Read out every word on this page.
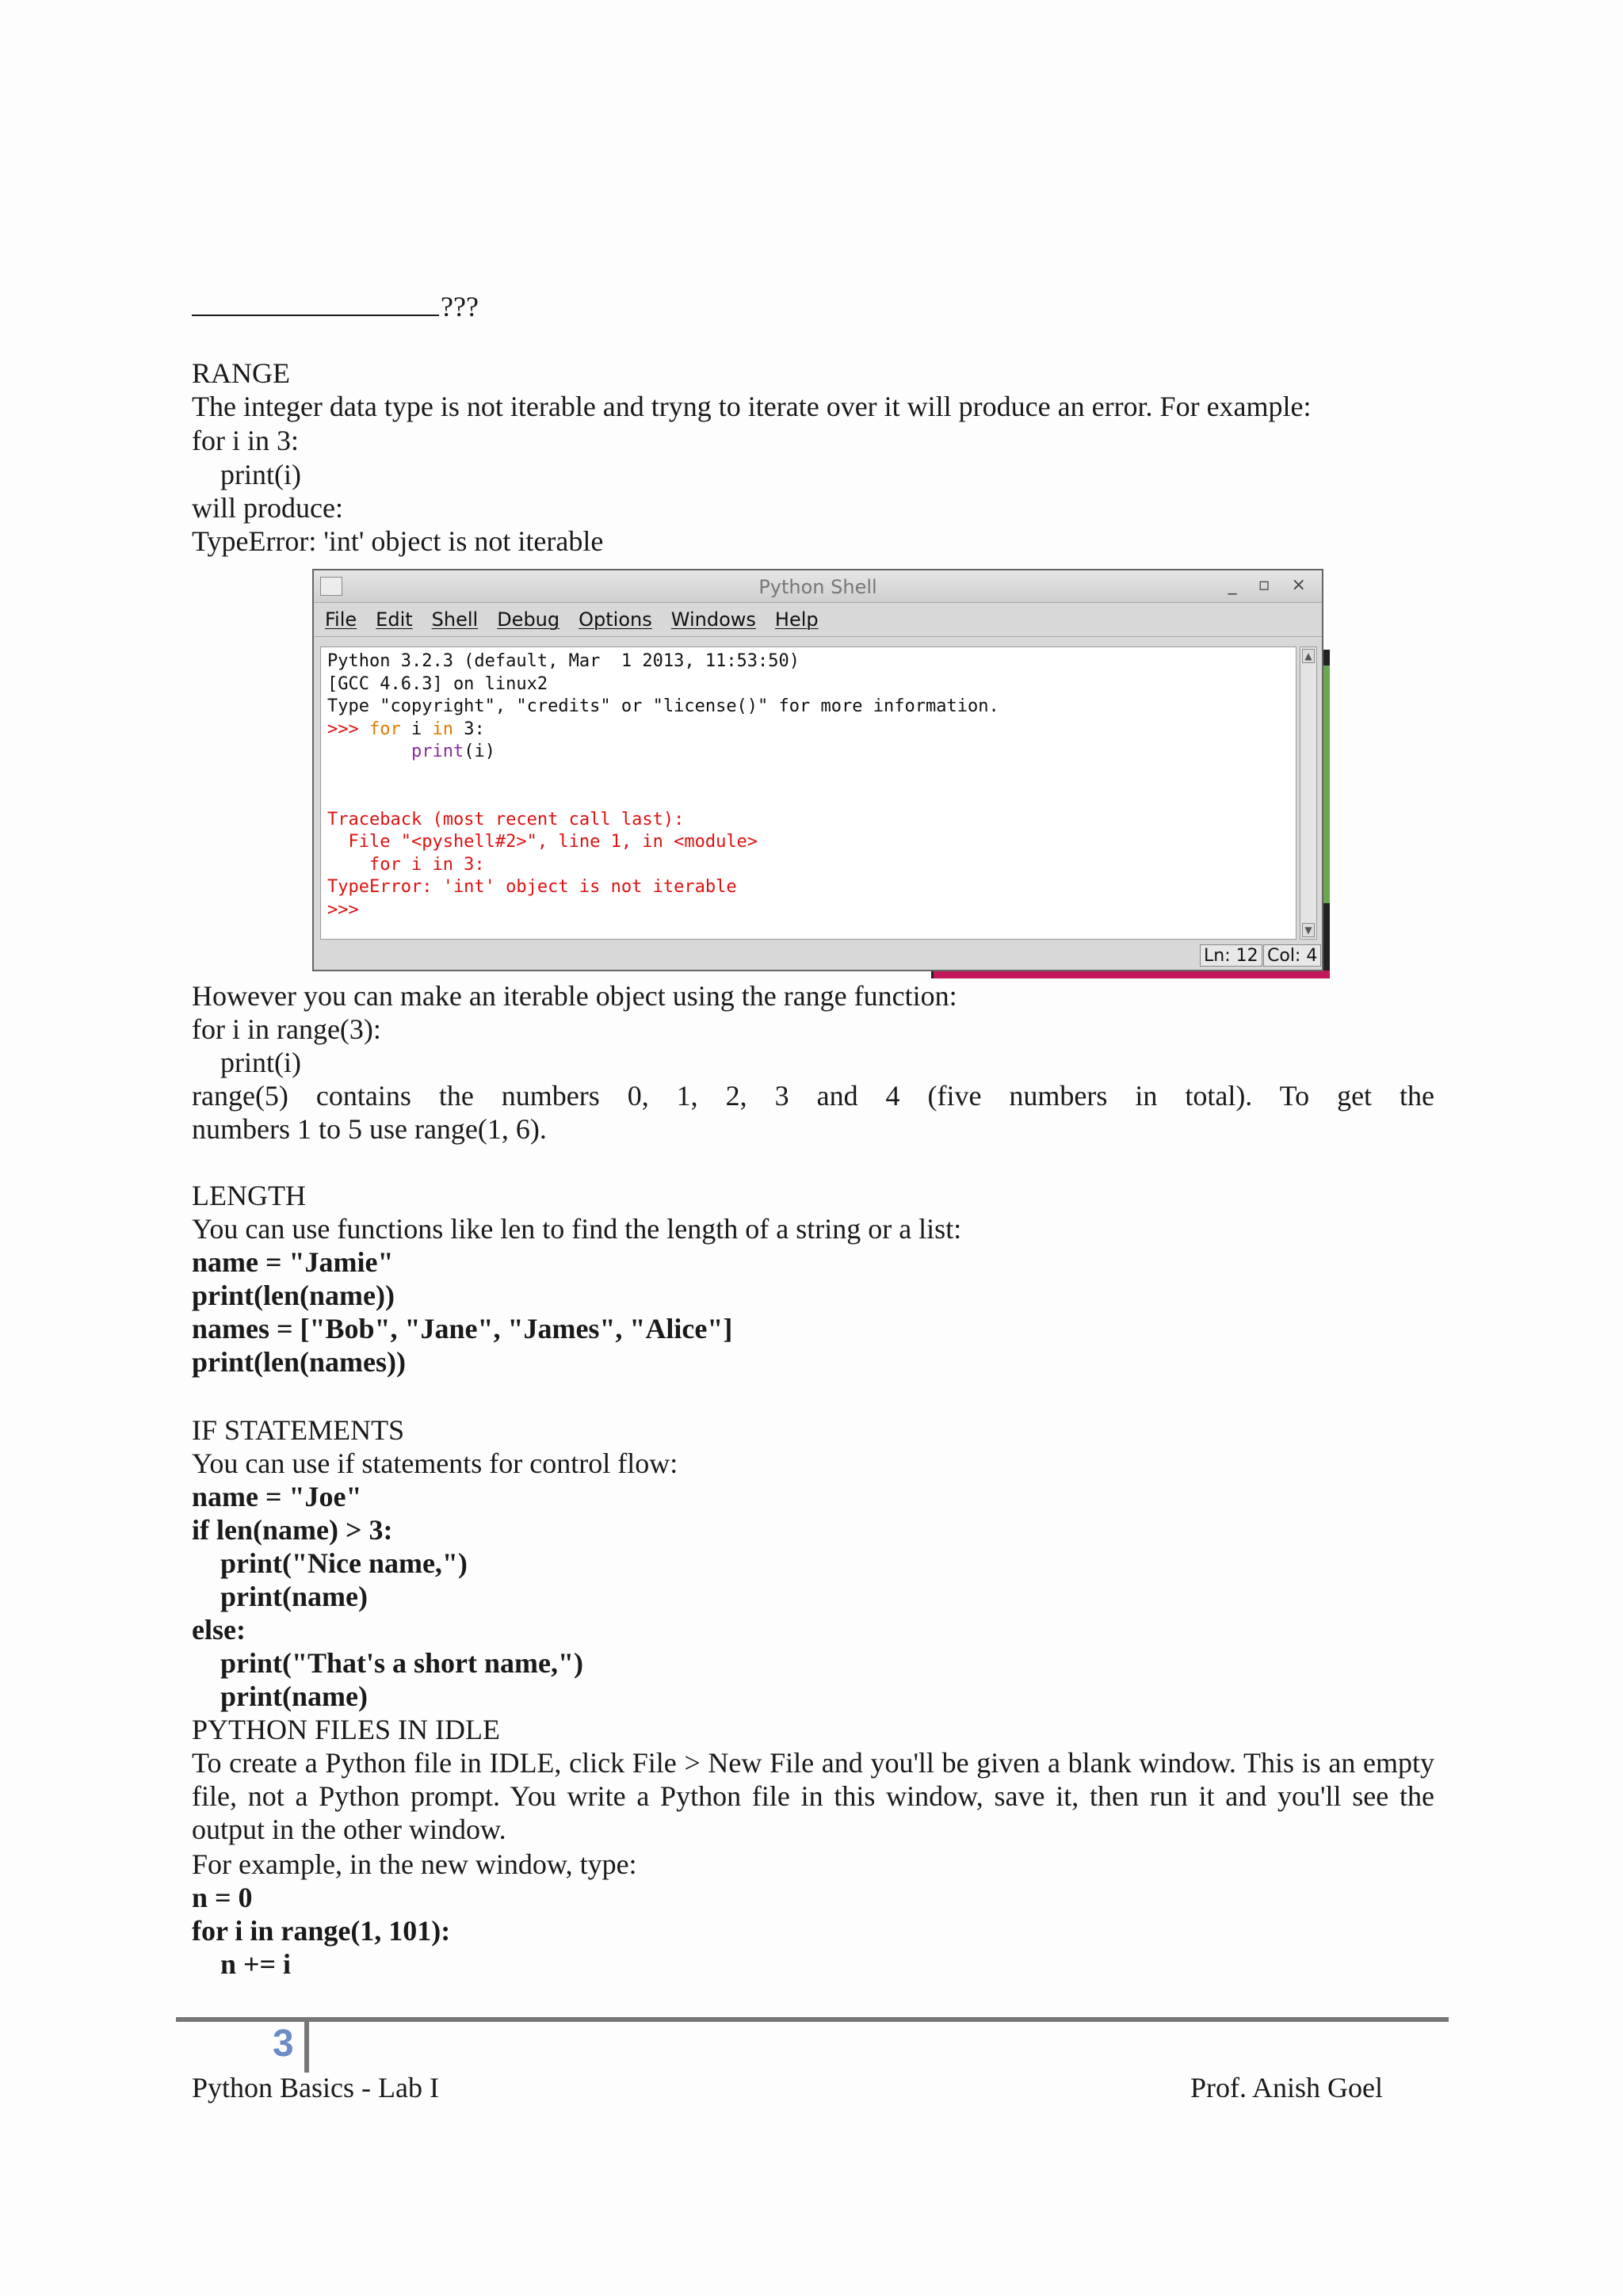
???
RANGE
The integer data type is not iterable and tryng to iterate over it will produce an error. For example:
for i in 3:
print(i)
will produce:
TypeError: 'int' object is not iterable
Python Shell	_ ▫ ×
File Edit Shell Debug Options Windows Help
Python 3.2.3 (default, Mar  1 2013, 11:53:50)
[GCC 4.6.3] on linux2
Type "copyright", "credits" or "license()" for more information.
>>> for i in 3:
print(i)

Traceback (most recent call last):
File "<pyshell#2>", line 1, in <module>
for i in 3:
TypeError: 'int' object is not iterable
>>>
▲
▼
Ln: 12 Col: 4
However you can make an iterable object using the range function:
for i in range(3):
print(i)
range(5) contains the numbers 0, 1, 2, 3 and 4 (five numbers in total). To get the
numbers 1 to 5 use range(1, 6).
LENGTH
You can use functions like len to find the length of a string or a list:
name = "Jamie"
print(len(name))
names = ["Bob", "Jane", "James", "Alice"]
print(len(names))
IF STATEMENTS
You can use if statements for control flow:
name = "Joe"
if len(name) > 3:
print("Nice name,")
print(name)
else:
print("That's a short name,")
print(name)
PYTHON FILES IN IDLE
To create a Python file in IDLE, click File > New File and you'll be given a blank window. This is an empty file, not a Python prompt. You write a Python file in this window, save it, then run it and you'll see the output in the other window.
For example, in the new window, type:
n = 0
for i in range(1, 101):
n += i
3
Python Basics - Lab I	Prof. Anish Goel
